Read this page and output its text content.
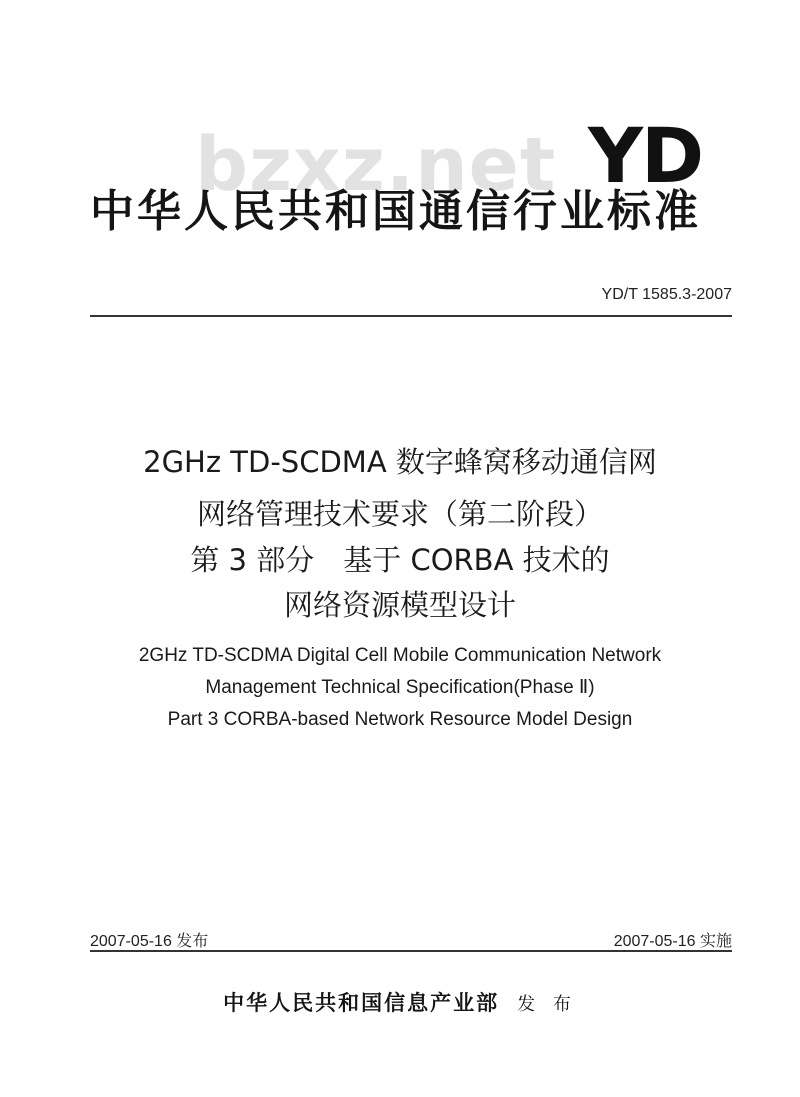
bzxz.net YD
中华人民共和国通信行业标准
YD/T 1585.3-2007
2GHz TD-SCDMA 数字蜂窝移动通信网
网络管理技术要求（第二阶段）
第 3 部分　基于 CORBA 技术的
网络资源模型设计
2GHz TD-SCDMA Digital Cell Mobile Communication Network
Management Technical Specification(Phase Ⅱ)
Part 3 CORBA-based Network Resource Model Design
2007-05-16 发布	2007-05-16 实施
中华人民共和国信息产业部 发 布
